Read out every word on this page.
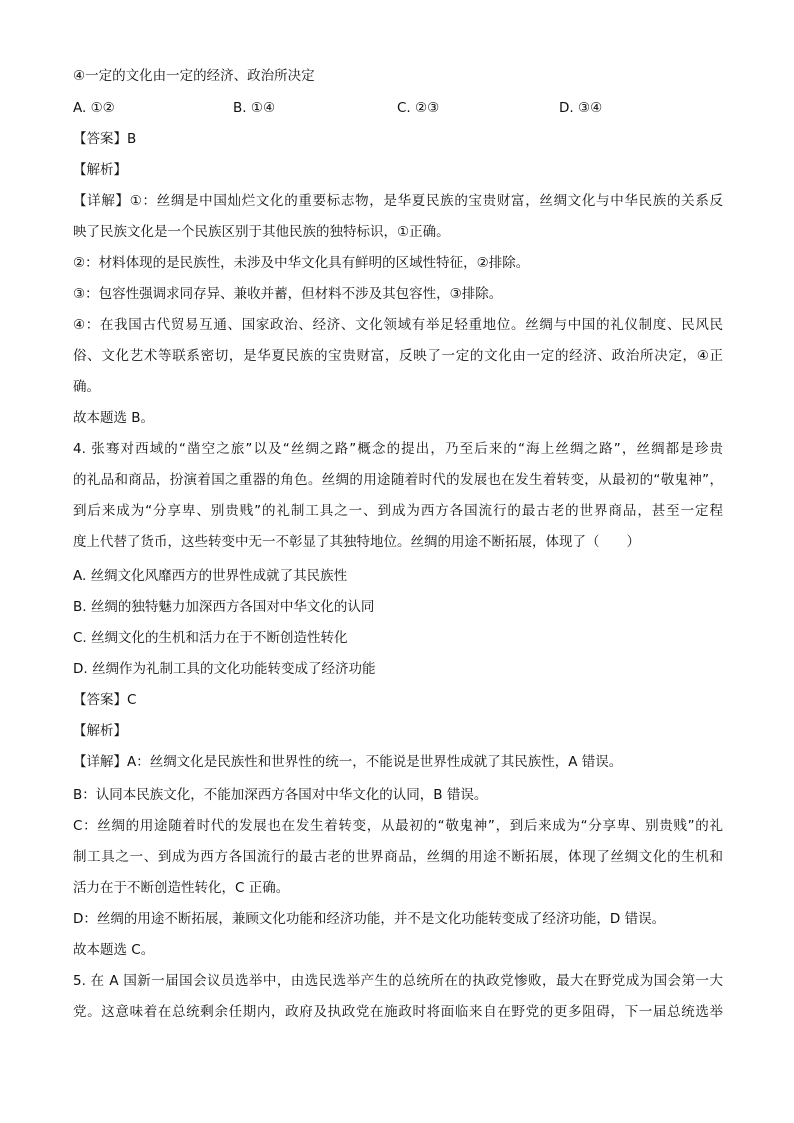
④一定的文化由一定的经济、政治所决定
A. ①②	B. ①④	C. ②③	D. ③④
【答案】B
【解析】
【详解】①：丝绸是中国灿烂文化的重要标志物，是华夏民族的宝贵财富，丝绸文化与中华民族的关系反
映了民族文化是一个民族区别于其他民族的独特标识，①正确。
②：材料体现的是民族性，未涉及中华文化具有鲜明的区域性特征，②排除。
③：包容性强调求同存异、兼收并蓄，但材料不涉及其包容性，③排除。
④：在我国古代贸易互通、国家政治、经济、文化领域有举足轻重地位。丝绸与中国的礼仪制度、民风民
俗、文化艺术等联系密切，是华夏民族的宝贵财富，反映了一定的文化由一定的经济、政治所决定，④正
确。
故本题选 B。
4. 张骞对西域的“凿空之旅”以及“丝绸之路”概念的提出，乃至后来的“海上丝绸之路”，丝绸都是珍贵
的礼品和商品，扮演着国之重器的角色。丝绸的用途随着时代的发展也在发生着转变，从最初的“敬鬼神”，
到后来成为“分享卑、别贵贱”的礼制工具之一、到成为西方各国流行的最古老的世界商品，甚至一定程
度上代替了货币，这些转变中无一不彰显了其独特地位。丝绸的用途不断拓展，体现了（　　）
A. 丝绸文化风靡西方的世界性成就了其民族性
B. 丝绸的独特魅力加深西方各国对中华文化的认同
C. 丝绸文化的生机和活力在于不断创造性转化
D. 丝绸作为礼制工具的文化功能转变成了经济功能
【答案】C
【解析】
【详解】A：丝绸文化是民族性和世界性的统一，不能说是世界性成就了其民族性，A 错误。
B：认同本民族文化，不能加深西方各国对中华文化的认同，B 错误。
C：丝绸的用途随着时代的发展也在发生着转变，从最初的“敬鬼神”，到后来成为“分享卑、别贵贱”的礼
制工具之一、到成为西方各国流行的最古老的世界商品，丝绸的用途不断拓展，体现了丝绸文化的生机和
活力在于不断创造性转化，C 正确。
D：丝绸的用途不断拓展，兼顾文化功能和经济功能，并不是文化功能转变成了经济功能，D 错误。
故本题选 C。
5. 在 A 国新一届国会议员选举中，由选民选举产生的总统所在的执政党惨败，最大在野党成为国会第一大
党。这意味着在总统剩余任期内，政府及执政党在施政时将面临来自在野党的更多阻碍，下一届总统选举
